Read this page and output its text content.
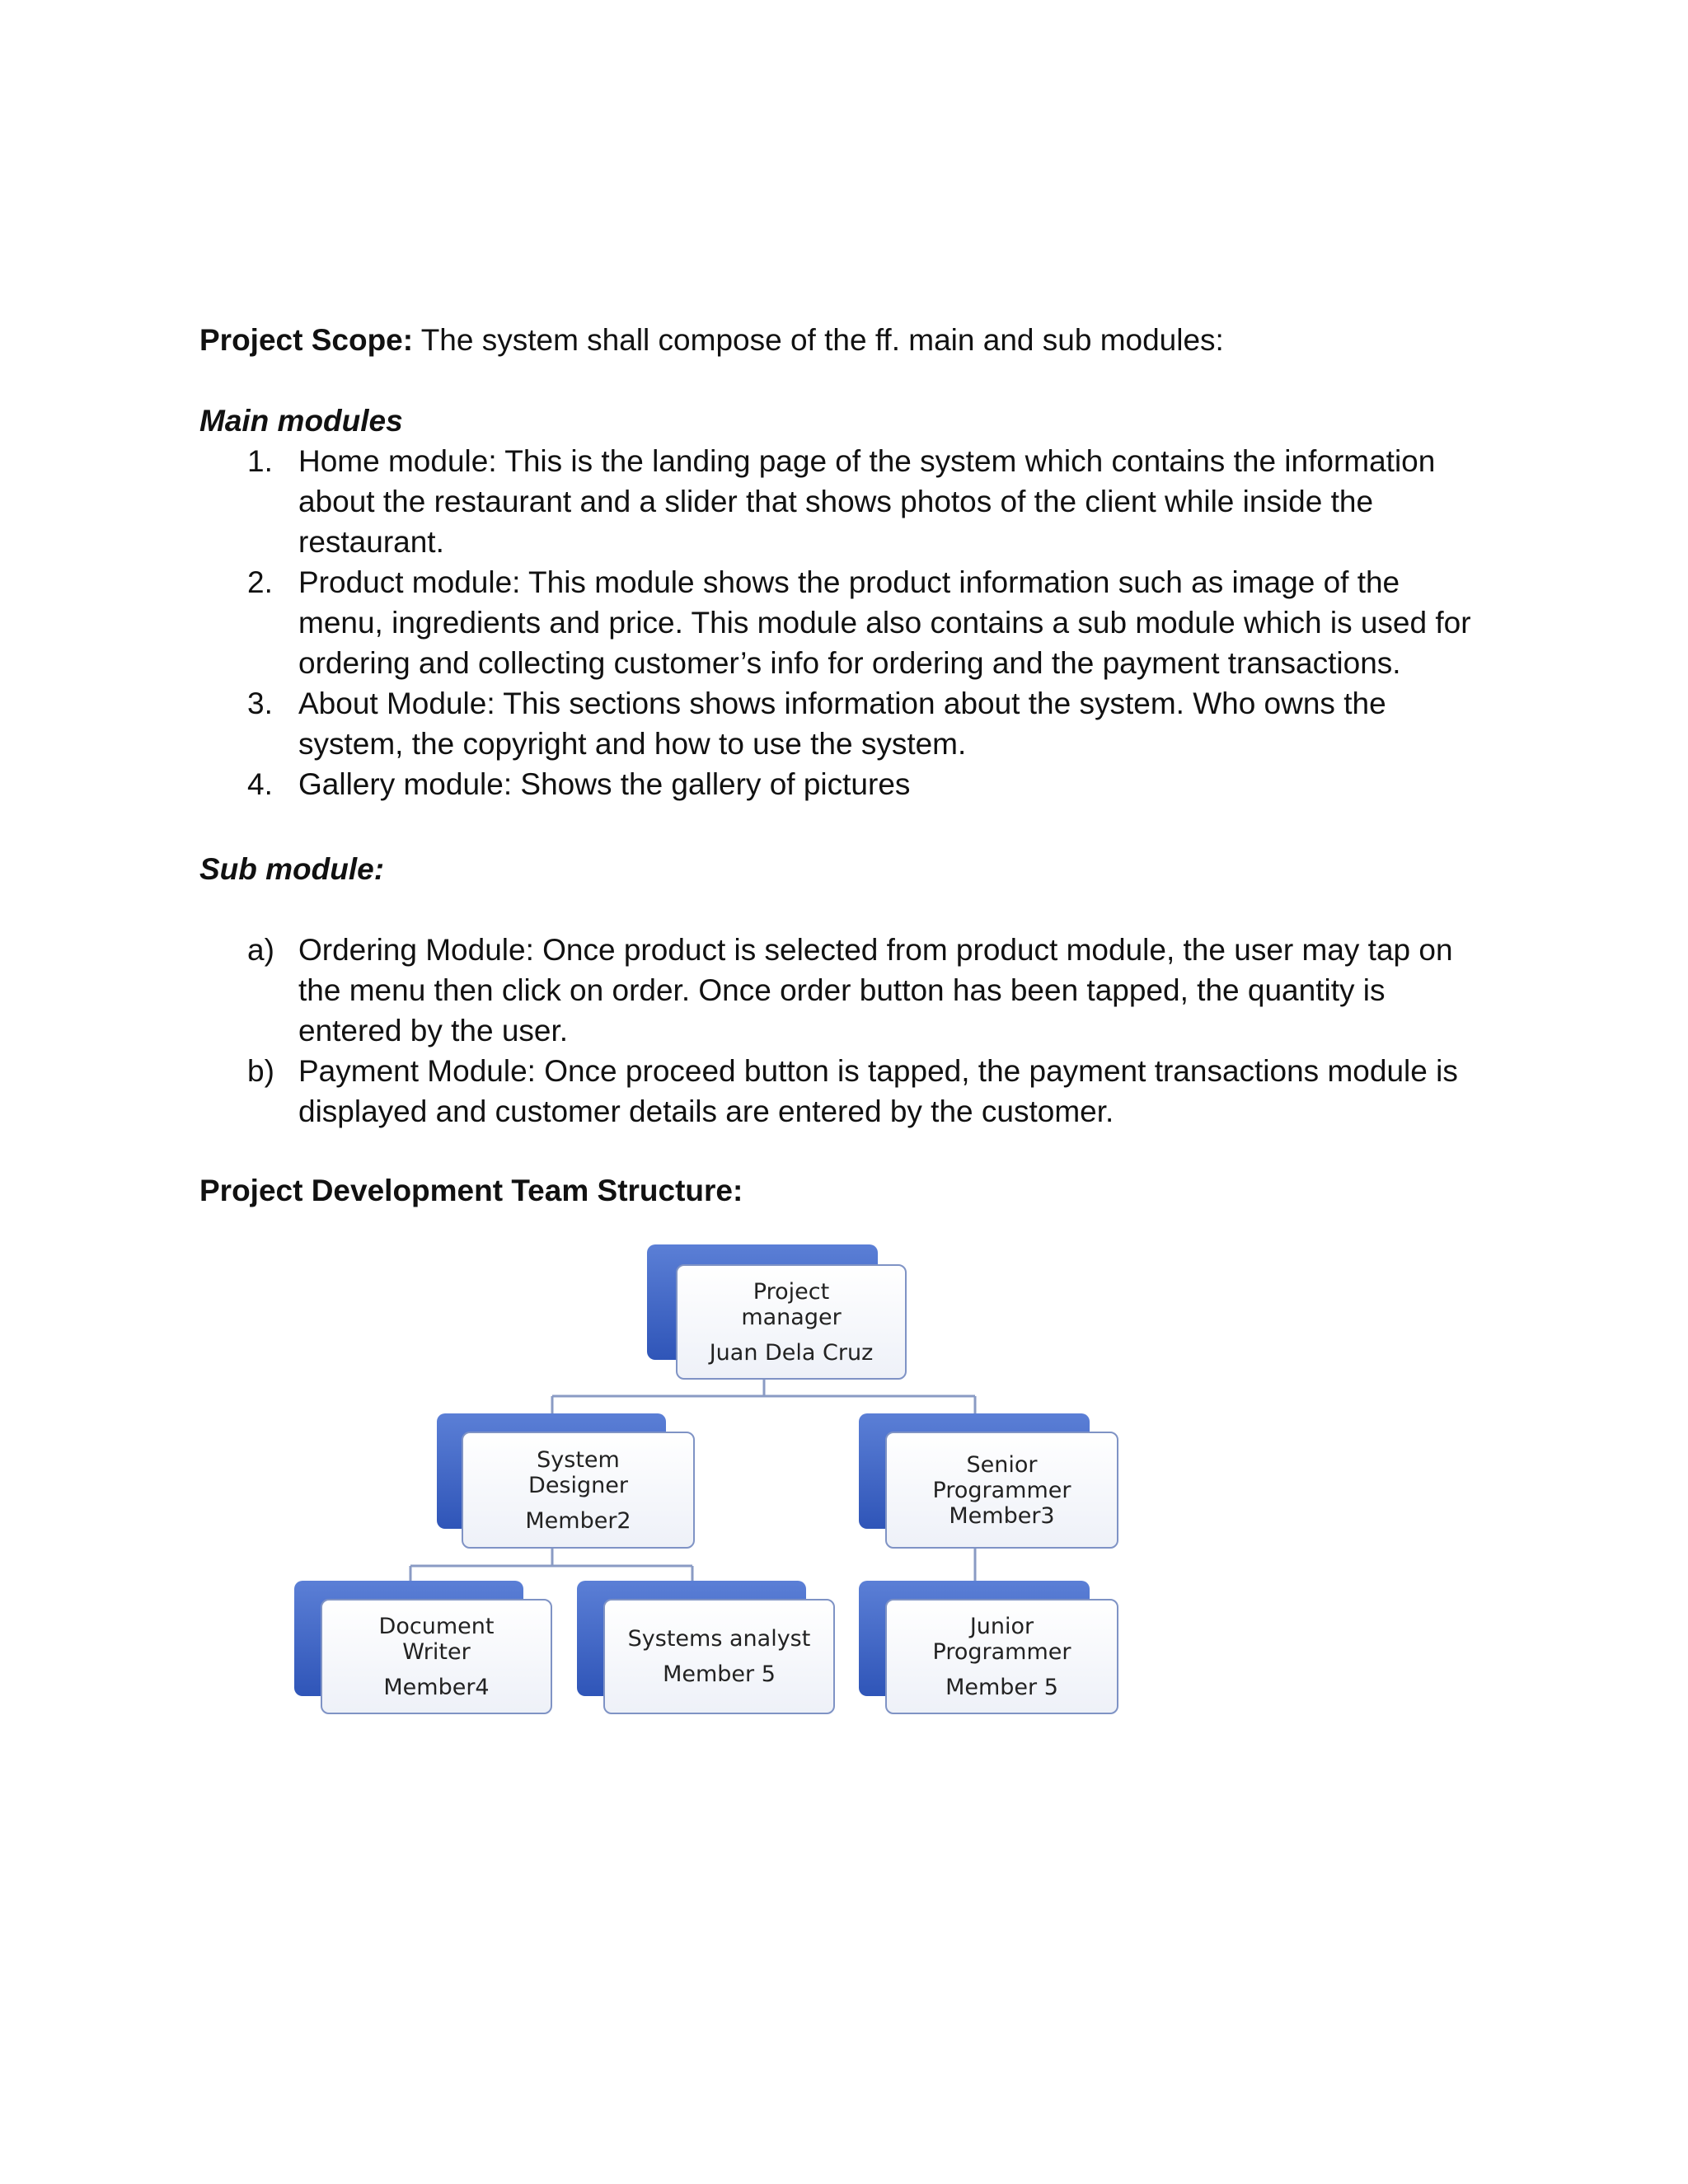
Project Scope: The system shall compose of the ff. main and sub modules:
Main modules
1. Home module: This is the landing page of the system which contains the information about the restaurant and a slider that shows photos of the client while inside the restaurant.
2. Product module: This module shows the product information such as image of the menu, ingredients and price. This module also contains a sub module which is used for ordering and collecting customer’s info for ordering and the payment transactions.
3. About Module: This sections shows information about the system. Who owns the system, the copyright and how to use the system.
4. Gallery module: Shows the gallery of pictures
Sub module:
a) Ordering Module: Once product is selected from product module, the user may tap on the menu then click on order. Once order button has been tapped, the quantity is entered by the user.
b) Payment Module: Once proceed button is tapped, the payment transactions module is displayed and customer details are entered by the customer.
Project Development Team Structure:
Project manager
Juan Dela Cruz
System Designer
Member2
Senior Programmer
Member3
Document Writer
Member4
Systems analyst
Member 5
Junior Programmer
Member 5
